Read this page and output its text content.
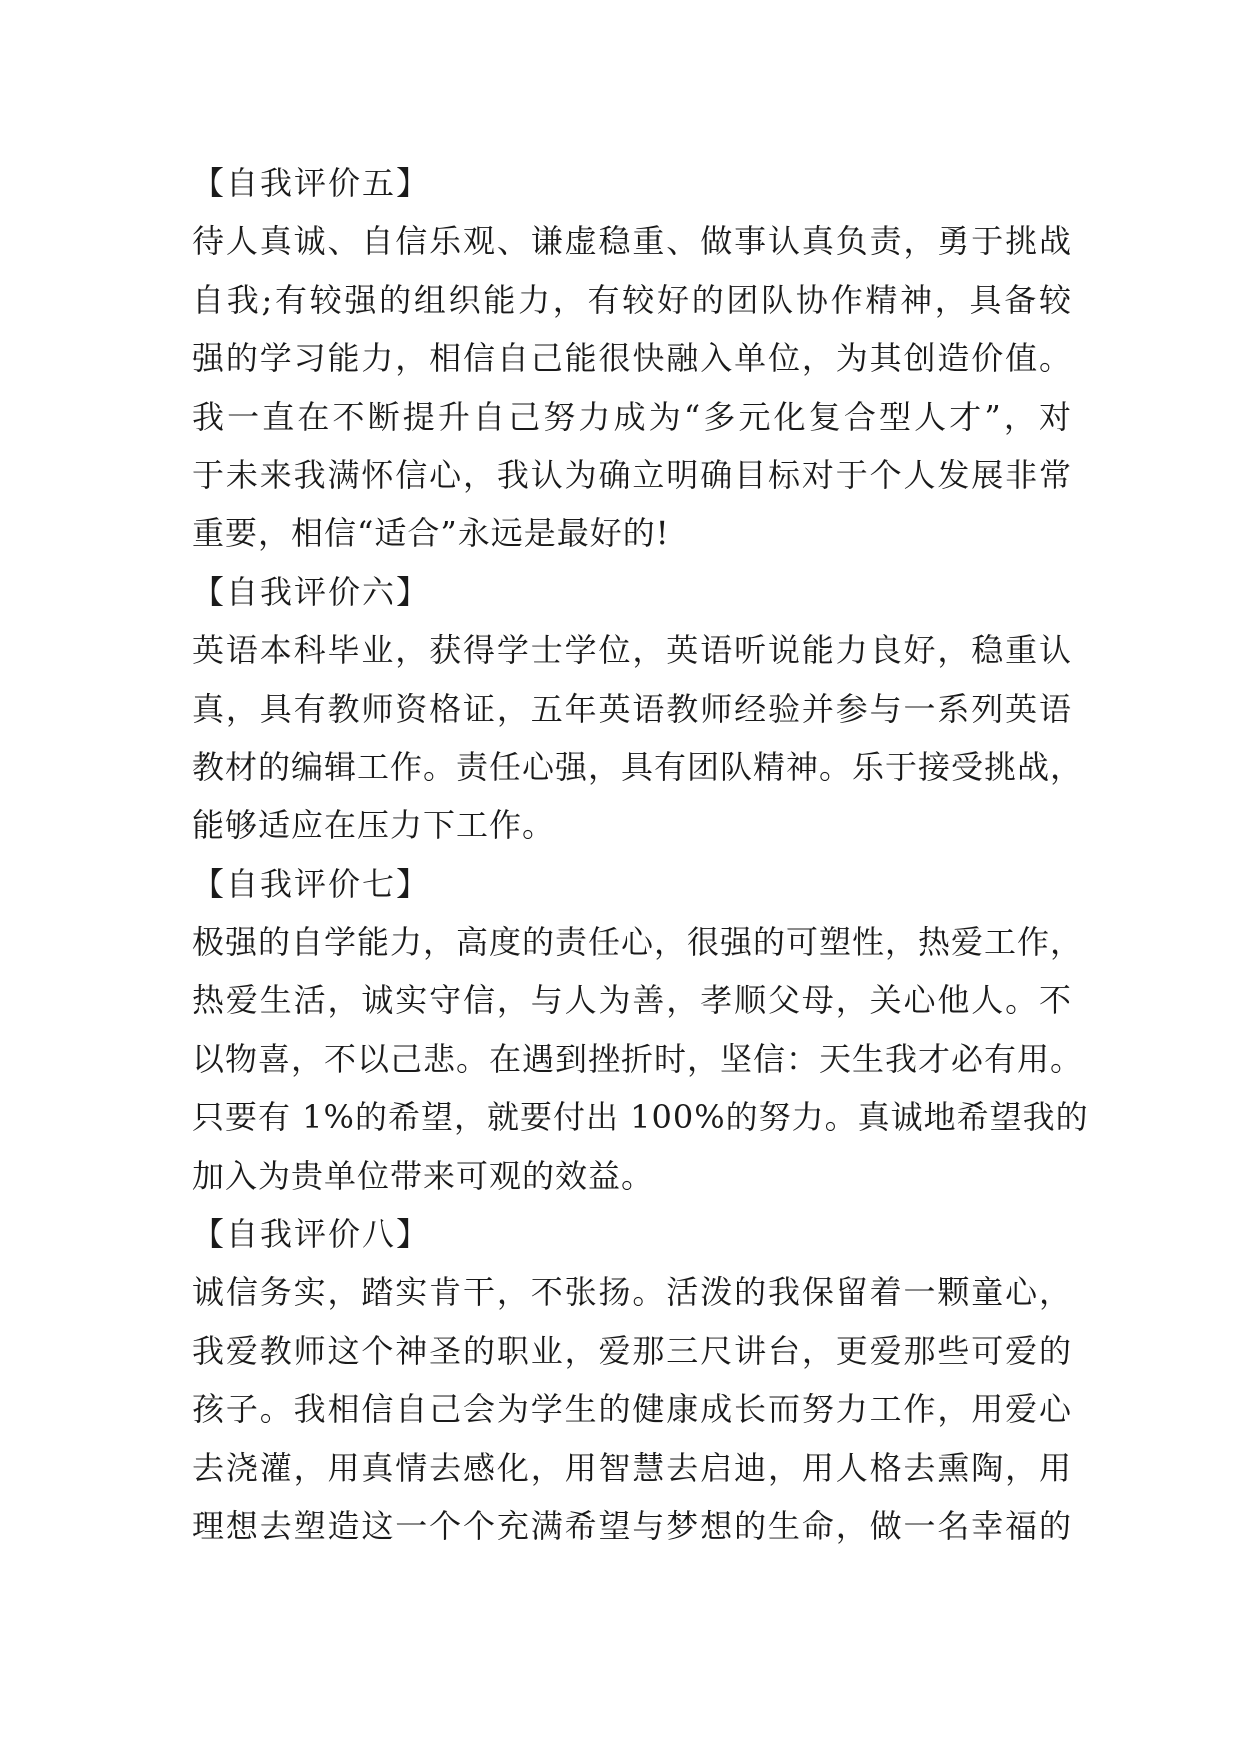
【自我评价五】
待人真诚、自信乐观、谦虚稳重、做事认真负责，勇于挑战
自我;有较强的组织能力，有较好的团队协作精神，具备较
强的学习能力，相信自己能很快融入单位，为其创造价值。
我一直在不断提升自己努力成为“多元化复合型人才”，对
于未来我满怀信心，我认为确立明确目标对于个人发展非常
重要，相信“适合”永远是最好的!
【自我评价六】
英语本科毕业，获得学士学位，英语听说能力良好，稳重认
真，具有教师资格证，五年英语教师经验并参与一系列英语
教材的编辑工作。责任心强，具有团队精神。乐于接受挑战，
能够适应在压力下工作。
【自我评价七】
极强的自学能力，高度的责任心，很强的可塑性，热爱工作，
热爱生活，诚实守信，与人为善，孝顺父母，关心他人。不
以物喜，不以己悲。在遇到挫折时，坚信：天生我才必有用。
只要有 1%的希望，就要付出 100%的努力。真诚地希望我的
加入为贵单位带来可观的效益。
【自我评价八】
诚信务实，踏实肯干，不张扬。活泼的我保留着一颗童心，
我爱教师这个神圣的职业，爱那三尺讲台，更爱那些可爱的
孩子。我相信自己会为学生的健康成长而努力工作，用爱心
去浇灌，用真情去感化，用智慧去启迪，用人格去熏陶，用
理想去塑造这一个个充满希望与梦想的生命，做一名幸福的
